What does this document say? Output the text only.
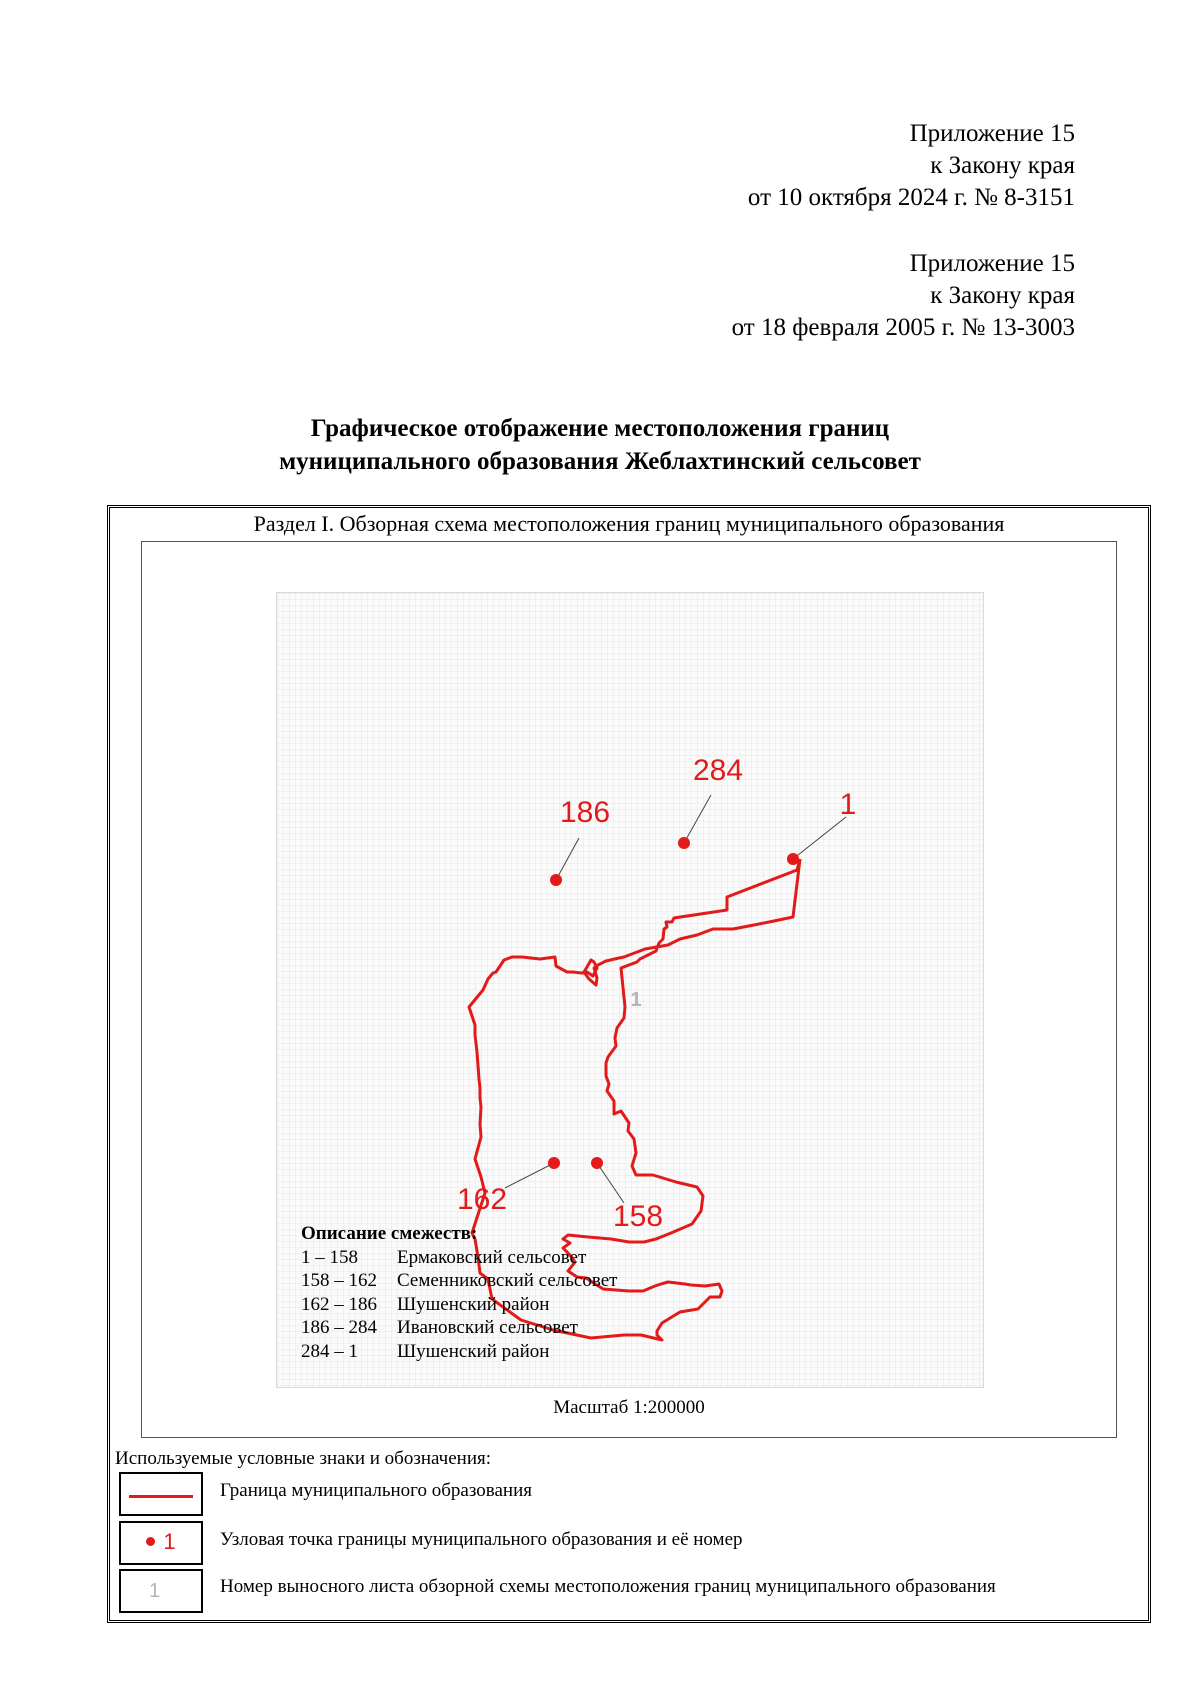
Приложение 15
к Закону края
от 10 октября 2024 г. № 8-3151
Приложение 15
к Закону края
от 18 февраля 2005 г. № 13-3003
Графическое отображение местоположения границ
муниципального образования Жеблахтинский сельсовет
Раздел I. Обзорная схема местоположения границ муниципального образования
1
284
186
162
158
1
Описание смежеств:
1 – 158	Ермаковский сельсовет
158 – 162	Семенниковский сельсовет
162 – 186	Шушенский район
186 – 284	Ивановский сельсовет
284 – 1	Шушенский район
Масштаб 1:200000
Используемые условные знаки и обозначения:
Граница муниципального образования
1	Узловая точка границы муниципального образования и её номер
1	Номер выносного листа обзорной схемы местоположения границ муниципального образования
